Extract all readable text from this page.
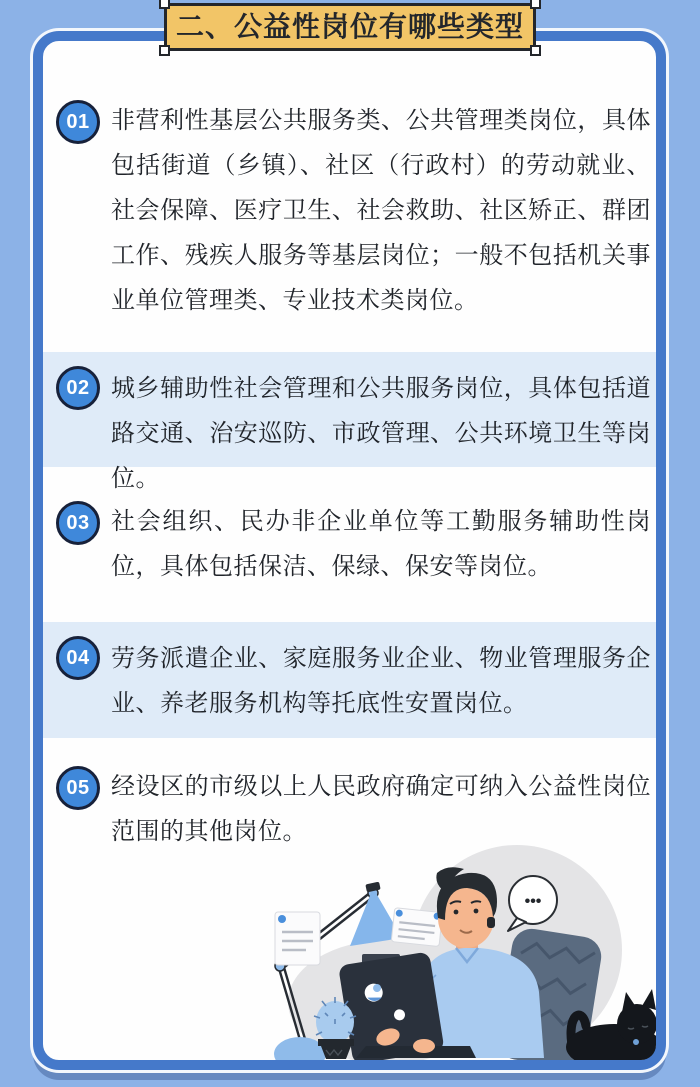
01 非营利性基层公共服务类、公共管理类岗位，具体包括街道（乡镇）、社区（行政村）的劳动就业、社会保障、医疗卫生、社会救助、社区矫正、群团工作、残疾人服务等基层岗位；一般不包括机关事业单位管理类、专业技术类岗位。
02 城乡辅助性社会管理和公共服务岗位，具体包括道路交通、治安巡防、市政管理、公共环境卫生等岗位。
03 社会组织、民办非企业单位等工勤服务辅助性岗位，具体包括保洁、保绿、保安等岗位。
04 劳务派遣企业、家庭服务业企业、物业管理服务企业、养老服务机构等托底性安置岗位。
05 经设区的市级以上人民政府确定可纳入公益性岗位范围的其他岗位。
•••
二、公益性岗位有哪些类型
